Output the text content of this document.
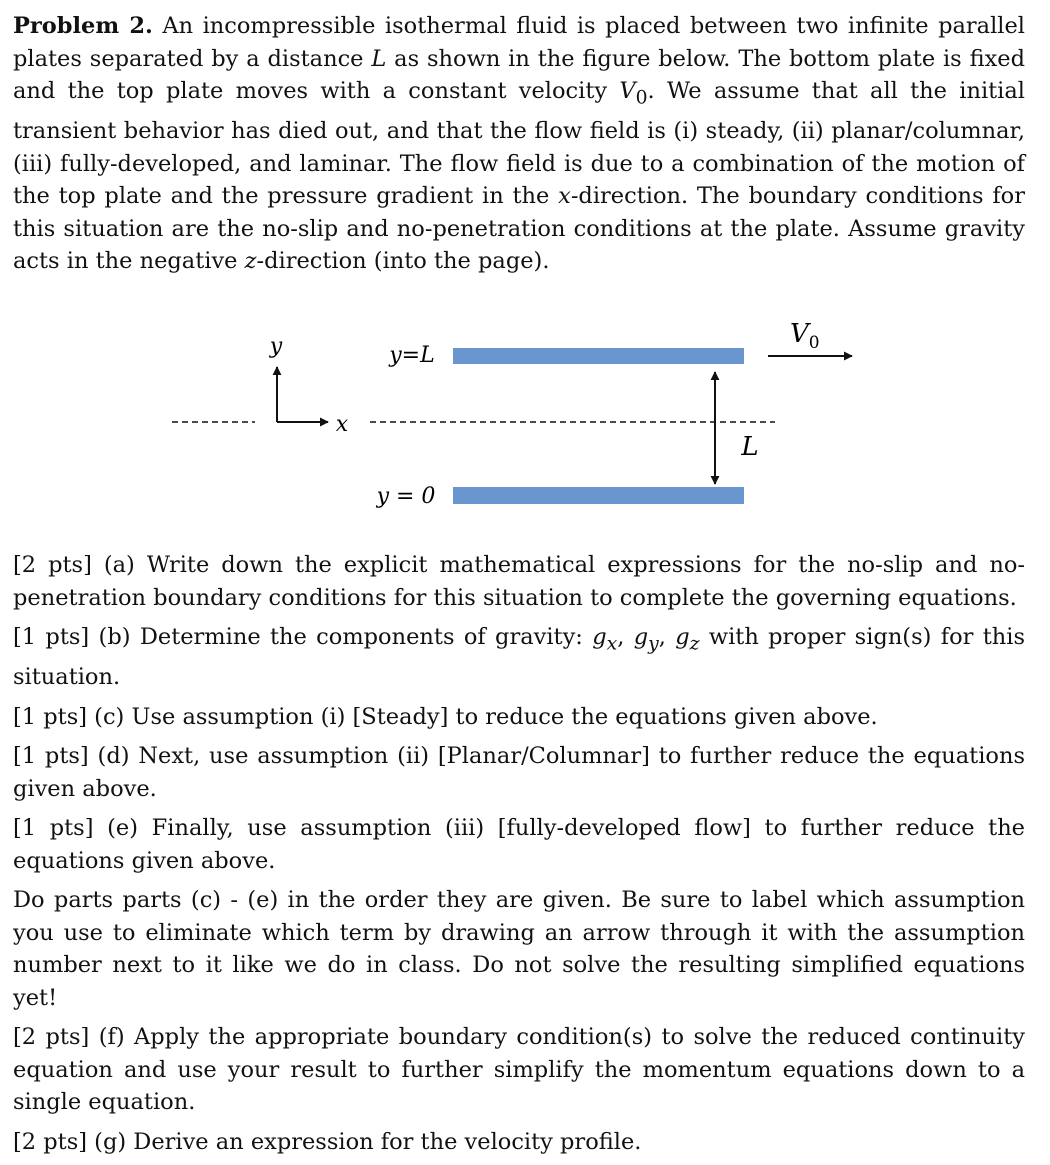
Problem 2. An incompressible isothermal fluid is placed between two infinite parallel plates separated by a distance L as shown in the figure below. The bottom plate is fixed and the top plate moves with a constant velocity $V_0$. We assume that all the initial transient behavior has died out, and that the flow field is (i) steady, (ii) planar/columnar, (iii) fully-developed, and laminar. The flow field is due to a combination of the motion of the top plate and the pressure gradient in the x-direction. The boundary conditions for this situation are the no-slip and no-penetration conditions at the plate. Assume gravity acts in the negative z-direction (into the page).

y
x
y=L
y = 0
L
$V_0$

[2 pts] (a) Write down the explicit mathematical expressions for the no-slip and no-penetration boundary conditions for this situation to complete the governing equations.

[1 pts] (b) Determine the components of gravity: $g_x$, $g_y$, $g_z$ with proper sign(s) for this situation.

[1 pts] (c) Use assumption (i) [Steady] to reduce the equations given above.

[1 pts] (d) Next, use assumption (ii) [Planar/Columnar] to further reduce the equations given above.

[1 pts] (e) Finally, use assumption (iii) [fully-developed flow] to further reduce the equations given above.

Do parts parts (c) - (e) in the order they are given. Be sure to label which assumption you use to eliminate which term by drawing an arrow through it with the assumption number next to it like we do in class. Do not solve the resulting simplified equations yet!

[2 pts] (f) Apply the appropriate boundary condition(s) to solve the reduced continuity equation and use your result to further simplify the momentum equations down to a single equation.

[2 pts] (g) Derive an expression for the velocity profile.
